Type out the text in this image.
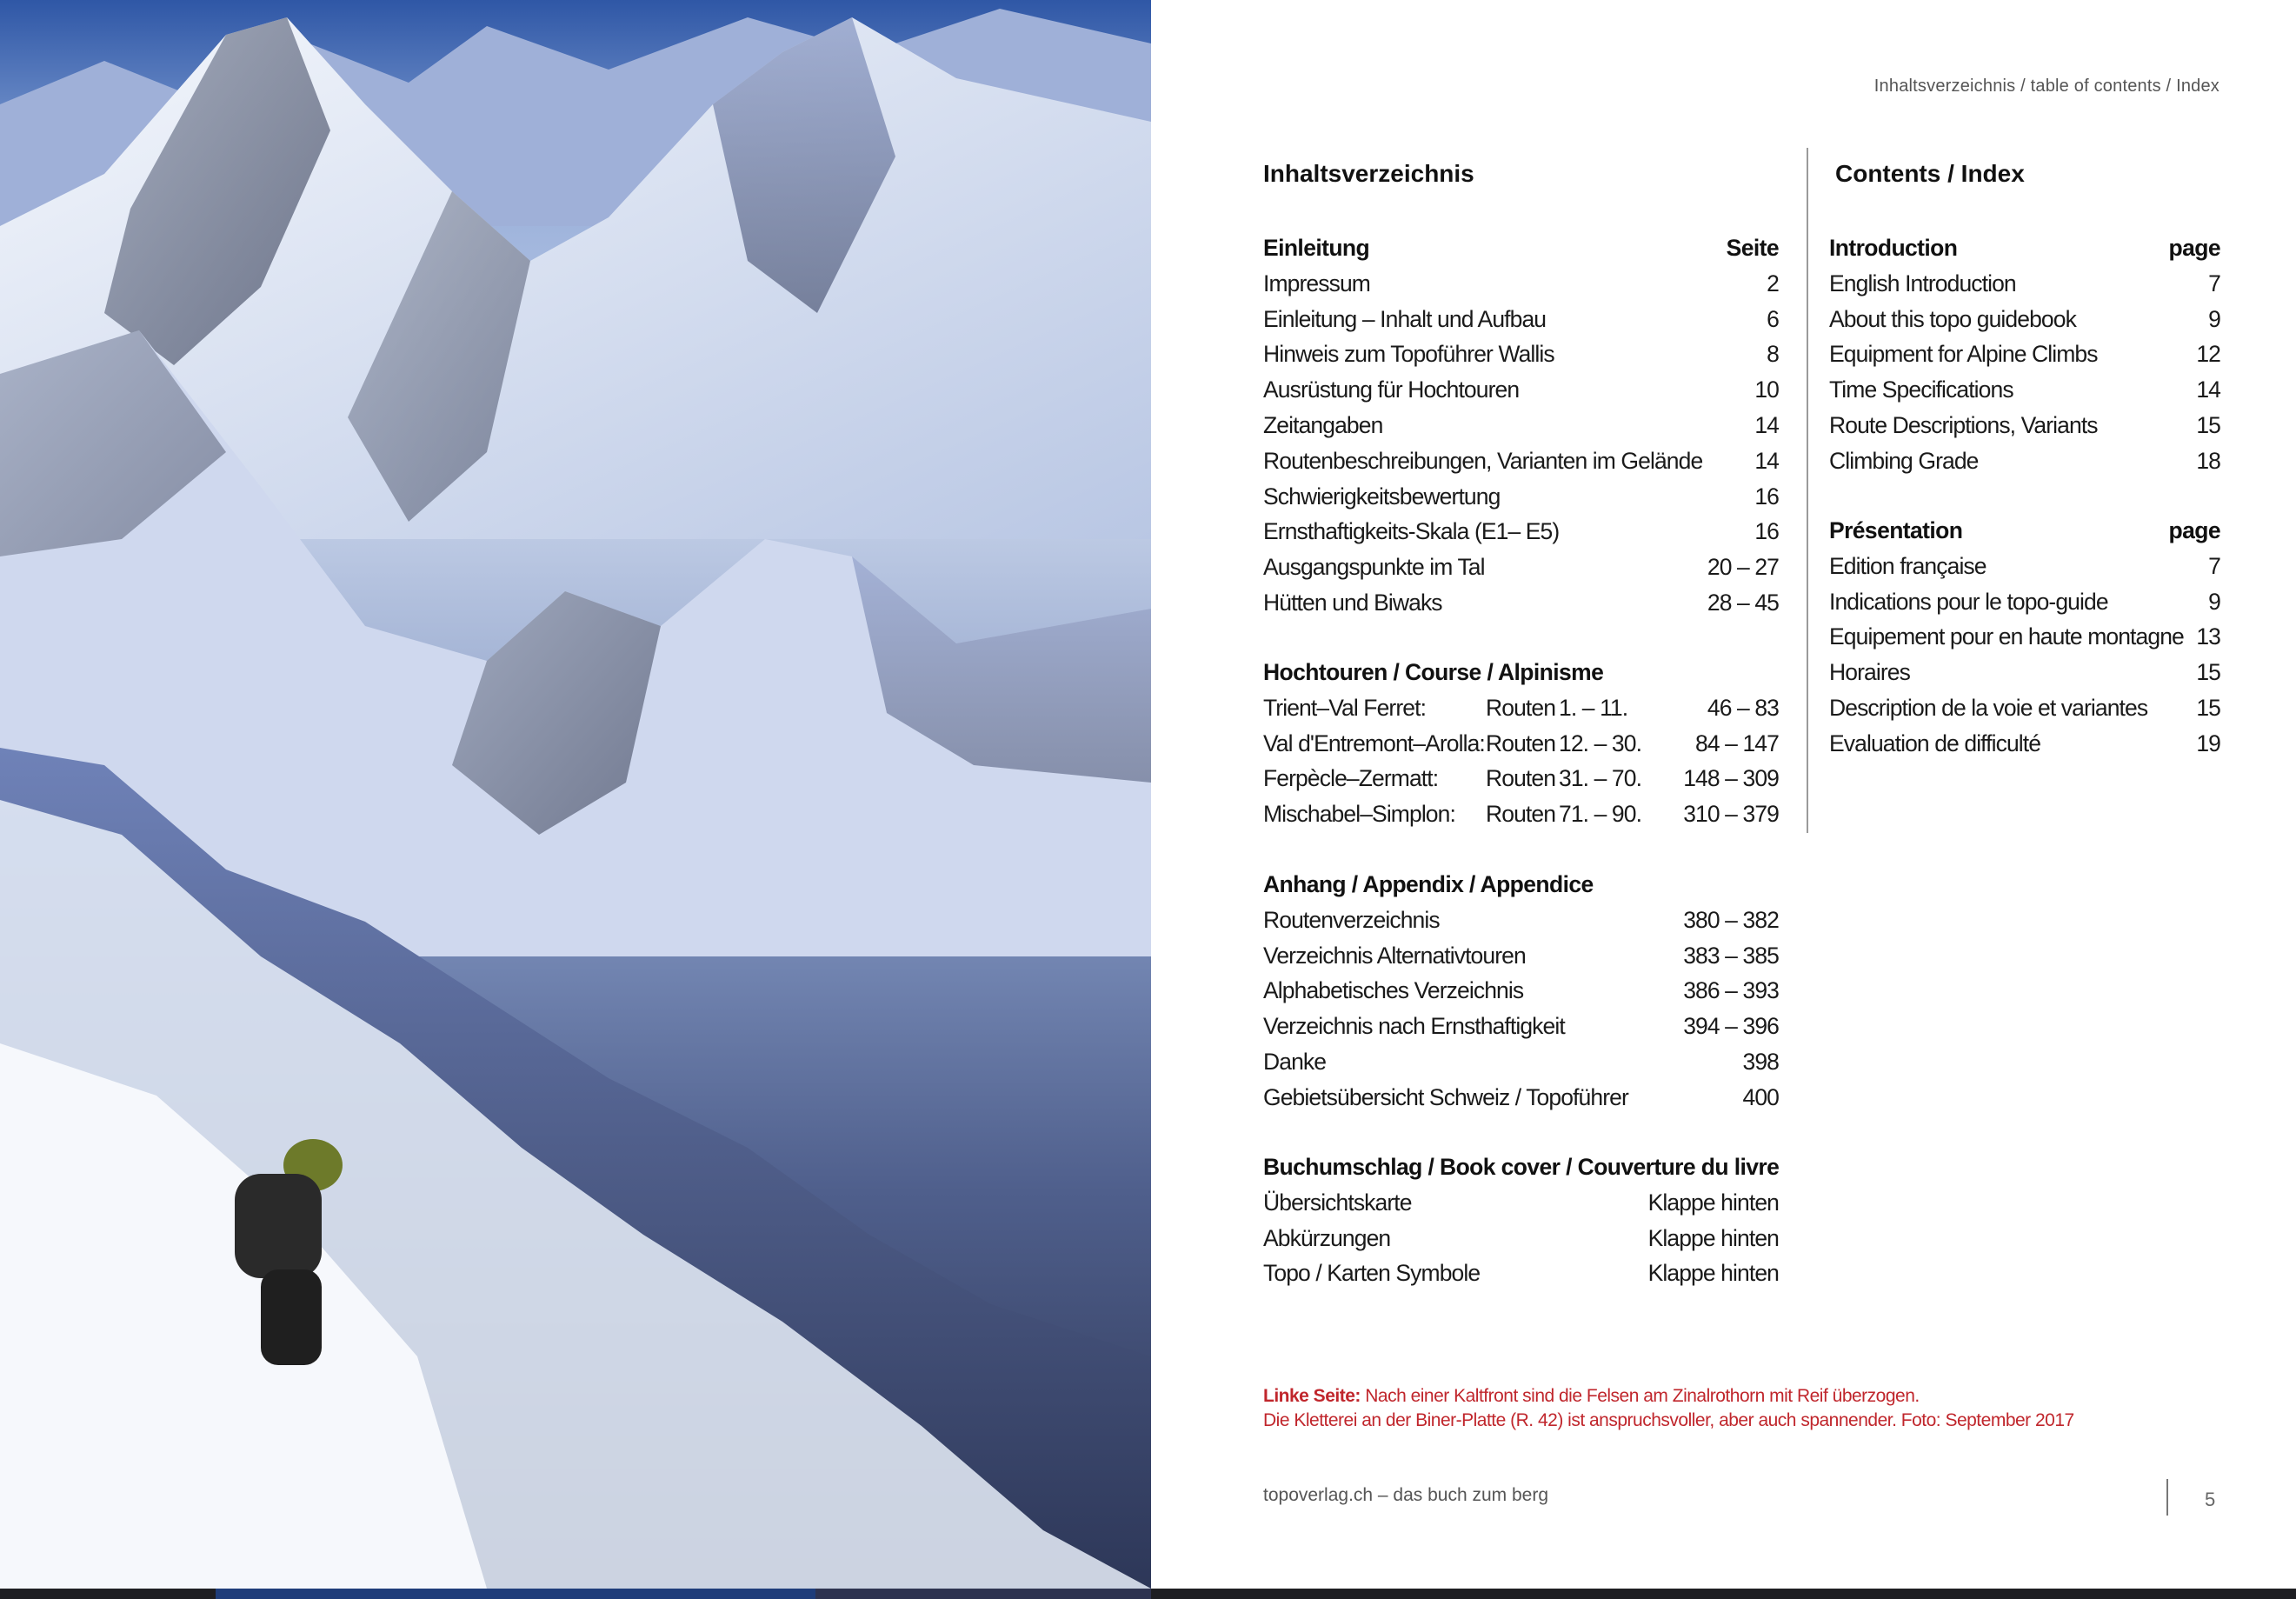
Inhaltsverzeichnis / table of contents / Index
Inhaltsverzeichnis	Contents / Index
Einleitung	Seite
Impressum	2
Einleitung – Inhalt und Aufbau	6
Hinweis zum Topoführer Wallis	8
Ausrüstung für Hochtouren	10
Zeitangaben	14
Routenbeschreibungen, Varianten im Gelände 14
Schwierigkeitsbewertung	16
Ernsthaftigkeits-Skala (E1– E5)	16
Ausgangspunkte im Tal	20 – 27
Hütten und Biwaks	28 – 45
Hochtouren / Course / Alpinisme
Trient–Val Ferret:	Routen 1. – 11.	46 – 83
Val d'Entremont–Arolla: Routen 12. – 30.	84 – 147
Ferpècle–Zermatt:	Routen 31. – 70.	148 – 309
Mischabel–Simplon:	Routen 71. – 90.	310 – 379
Anhang / Appendix / Appendice
Routenverzeichnis	380 – 382
Verzeichnis Alternativtouren	383 – 385
Alphabetisches Verzeichnis	386 – 393
Verzeichnis nach Ernsthaftigkeit	394 – 396
Danke	398
Gebietsübersicht Schweiz / Topoführer	400
Buchumschlag / Book cover / Couverture du livre
Übersichtskarte	Klappe hinten
Abkürzungen	Klappe hinten
Topo / Karten Symbole	Klappe hinten
Introduction	page
English Introduction	7
About this topo guidebook	9
Equipment for Alpine Climbs	12
Time Specifications	14
Route Descriptions, Variants	15
Climbing Grade	18
Présentation	page
Edition française	7
Indications pour le topo-guide	9
Equipement pour en haute montagne 13
Horaires	15
Description de la voie et variantes 15
Evaluation de difficulté	19
Linke Seite: Nach einer Kaltfront sind die Felsen am Zinalrothorn mit Reif überzogen.
Die Kletterei an der Biner-Platte (R. 42) ist anspruchsvoller, aber auch spannender. Foto: September 2017
topoverlag.ch – das buch zum berg	5
